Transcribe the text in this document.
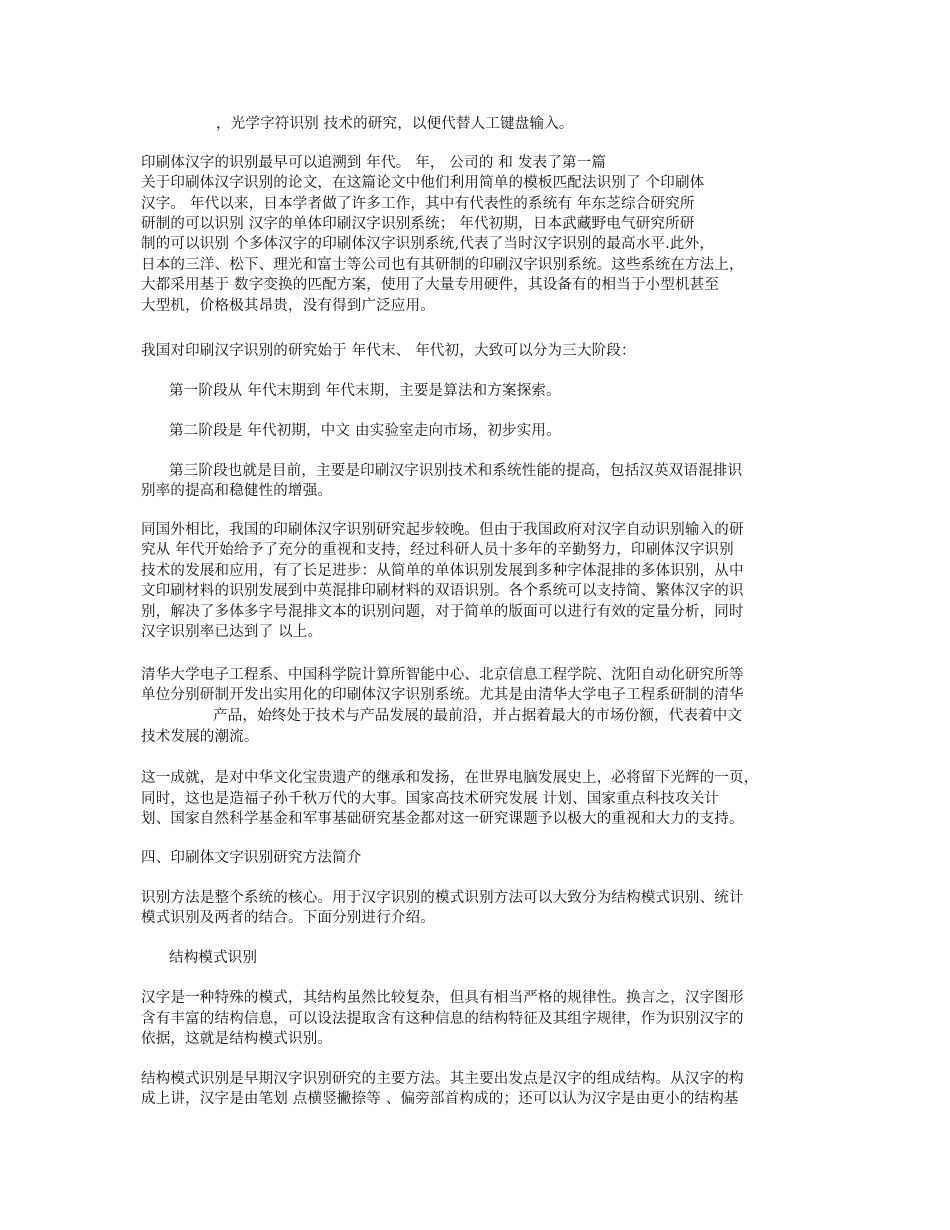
，光学字符识别 技术的研究，以便代替人工键盘输入。
印刷体汉字的识别最早可以追溯到 年代。 年， 公司的 和 发表了第一篇
关于印刷体汉字识别的论文，在这篇论文中他们利用简单的模板匹配法识别了 个印刷体
汉字。 年代以来，日本学者做了许多工作，其中有代表性的系统有 年东芝综合研究所
研制的可以识别 汉字的单体印刷汉字识别系统； 年代初期，日本武藏野电气研究所研
制的可以识别 个多体汉字的印刷体汉字识别系统,代表了当时汉字识别的最高水平.此外，
日本的三洋、松下、理光和富士等公司也有其研制的印刷汉字识别系统。这些系统在方法上，
大都采用基于 数字变换的匹配方案，使用了大量专用硬件，其设备有的相当于小型机甚至
大型机，价格极其昂贵，没有得到广泛应用。
我国对印刷汉字识别的研究始于 年代末、 年代初，大致可以分为三大阶段：
第一阶段从 年代末期到 年代末期，主要是算法和方案探索。
第二阶段是 年代初期，中文 由实验室走向市场，初步实用。
第三阶段也就是目前，主要是印刷汉字识别技术和系统性能的提高，包括汉英双语混排识
别率的提高和稳健性的增强。
同国外相比，我国的印刷体汉字识别研究起步较晚。但由于我国政府对汉字自动识别输入的研
究从 年代开始给予了充分的重视和支持，经过科研人员十多年的辛勤努力，印刷体汉字识别
技术的发展和应用，有了长足进步：从简单的单体识别发展到多种字体混排的多体识别，从中
文印刷材料的识别发展到中英混排印刷材料的双语识别。各个系统可以支持简、繁体汉字的识
别，解决了多体多字号混排文本的识别问题，对于简单的版面可以进行有效的定量分析，同时
汉字识别率已达到了 以上。
清华大学电子工程系、中国科学院计算所智能中心、北京信息工程学院、沈阳自动化研究所等
单位分别研制开发出实用化的印刷体汉字识别系统。尤其是由清华大学电子工程系研制的清华
产品，始终处于技术与产品发展的最前沿，并占据着最大的市场份额，代表着中文
技术发展的潮流。
这一成就，是对中华文化宝贵遗产的继承和发扬，在世界电脑发展史上，必将留下光辉的一页，
同时，这也是造福子孙千秋万代的大事。国家高技术研究发展 计划、国家重点科技攻关计
划、国家自然科学基金和军事基础研究基金都对这一研究课题予以极大的重视和大力的支持。
四、印刷体文字识别研究方法简介
识别方法是整个系统的核心。用于汉字识别的模式识别方法可以大致分为结构模式识别、统计
模式识别及两者的结合。下面分别进行介绍。
结构模式识别
汉字是一种特殊的模式，其结构虽然比较复杂，但具有相当严格的规律性。换言之，汉字图形
含有丰富的结构信息，可以设法提取含有这种信息的结构特征及其组字规律，作为识别汉字的
依据，这就是结构模式识别。
结构模式识别是早期汉字识别研究的主要方法。其主要出发点是汉字的组成结构。从汉字的构
成上讲，汉字是由笔划 点横竖撇捺等 、偏旁部首构成的；还可以认为汉字是由更小的结构基
